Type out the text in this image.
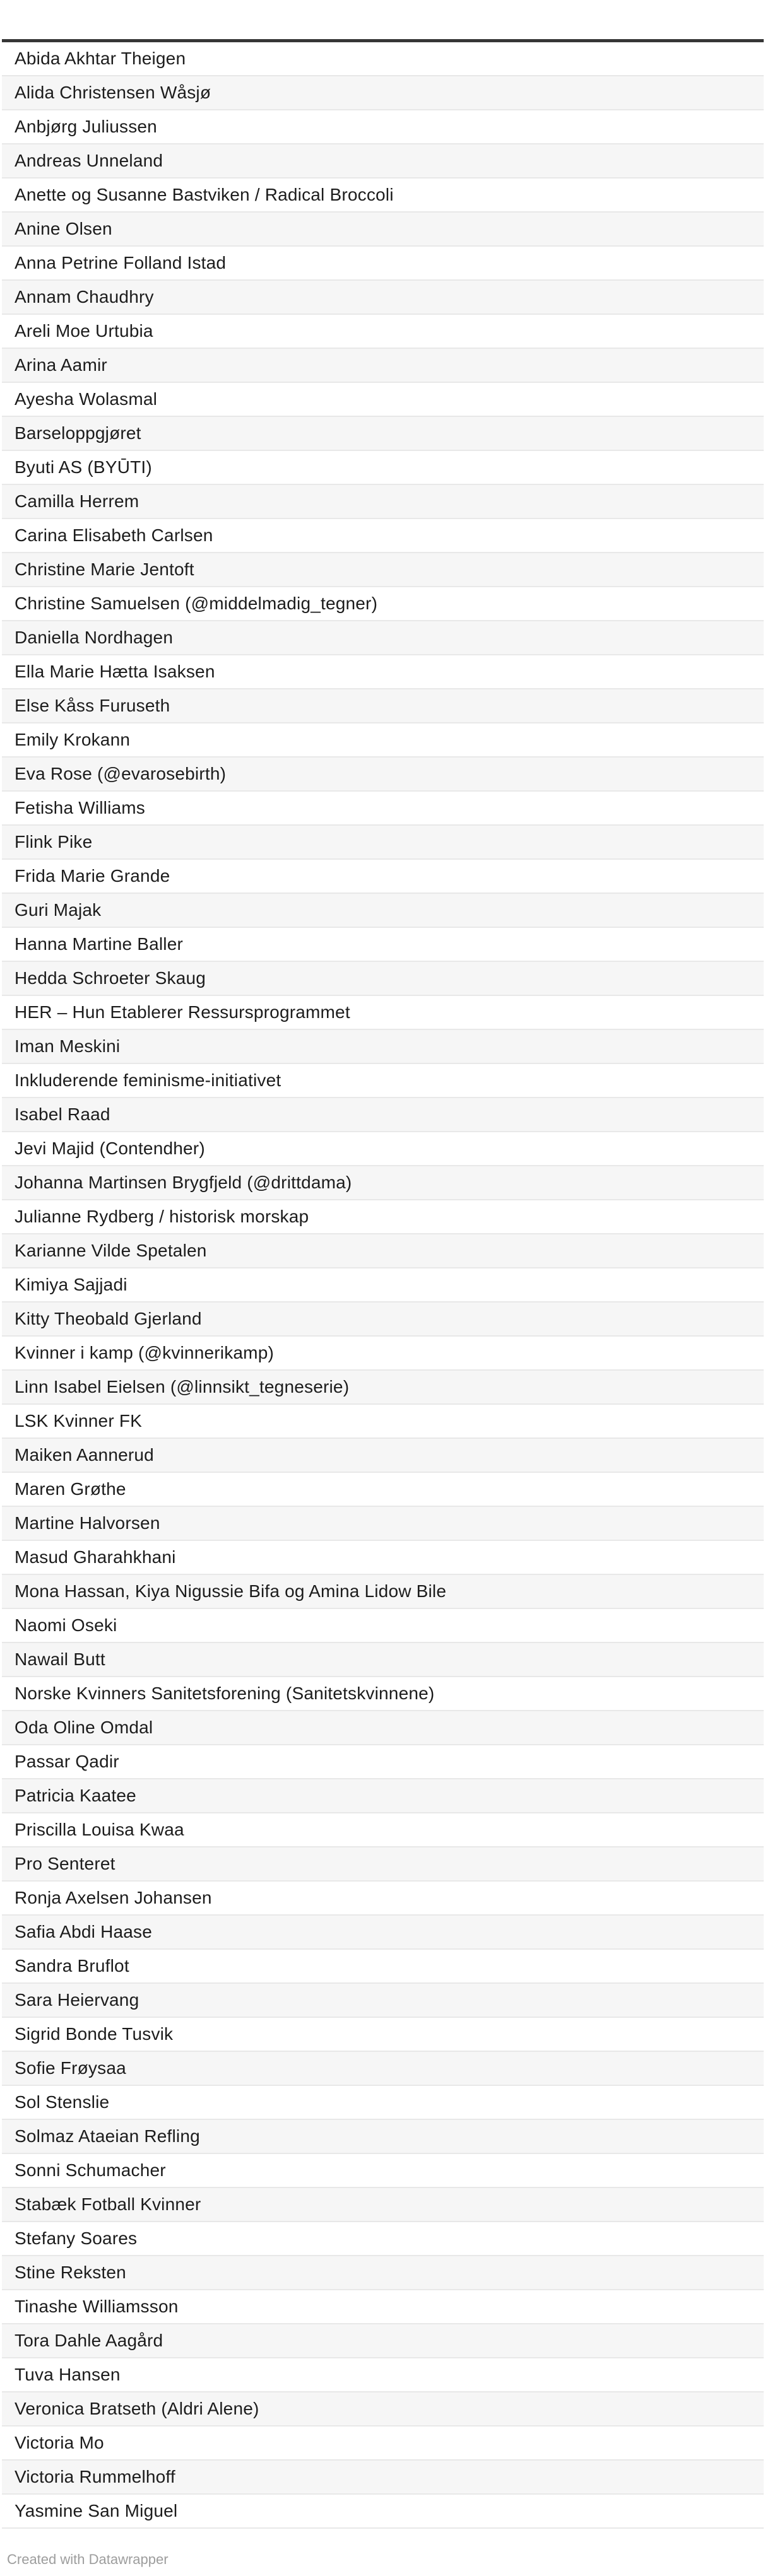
Abida Akhtar Theigen
Alida Christensen Wåsjø
Anbjørg Juliussen
Andreas Unneland
Anette og Susanne Bastviken / Radical Broccoli
Anine Olsen
Anna Petrine Folland Istad
Annam Chaudhry
Areli Moe Urtubia
Arina Aamir
Ayesha Wolasmal
Barseloppgjøret
Byuti AS (BYŪTI)
Camilla Herrem
Carina Elisabeth Carlsen
Christine Marie Jentoft
Christine Samuelsen (@middelmadig_tegner)
Daniella Nordhagen
Ella Marie Hætta Isaksen
Else Kåss Furuseth
Emily Krokann
Eva Rose (@evarosebirth)
Fetisha Williams
Flink Pike
Frida Marie Grande
Guri Majak
Hanna Martine Baller
Hedda Schroeter Skaug
HER – Hun Etablerer Ressursprogrammet
Iman Meskini
Inkluderende feminisme-initiativet
Isabel Raad
Jevi Majid (Contendher)
Johanna Martinsen Brygfjeld (@drittdama)
Julianne Rydberg / historisk morskap
Karianne Vilde Spetalen
Kimiya Sajjadi
Kitty Theobald Gjerland
Kvinner i kamp (@kvinnerikamp)
Linn Isabel Eielsen (@linnsikt_tegneserie)
LSK Kvinner FK
Maiken Aannerud
Maren Grøthe
Martine Halvorsen
Masud Gharahkhani
Mona Hassan, Kiya Nigussie Bifa og Amina Lidow Bile
Naomi Oseki
Nawail Butt
Norske Kvinners Sanitetsforening (Sanitetskvinnene)
Oda Oline Omdal
Passar Qadir
Patricia Kaatee
Priscilla Louisa Kwaa
Pro Senteret
Ronja Axelsen Johansen
Safia Abdi Haase
Sandra Bruflot
Sara Heiervang
Sigrid Bonde Tusvik
Sofie Frøysaa
Sol Stenslie
Solmaz Ataeian Refling
Sonni Schumacher
Stabæk Fotball Kvinner
Stefany Soares
Stine Reksten
Tinashe Williamsson
Tora Dahle Aagård
Tuva Hansen
Veronica Bratseth (Aldri Alene)
Victoria Mo
Victoria Rummelhoff
Yasmine San Miguel
Created with Datawrapper
